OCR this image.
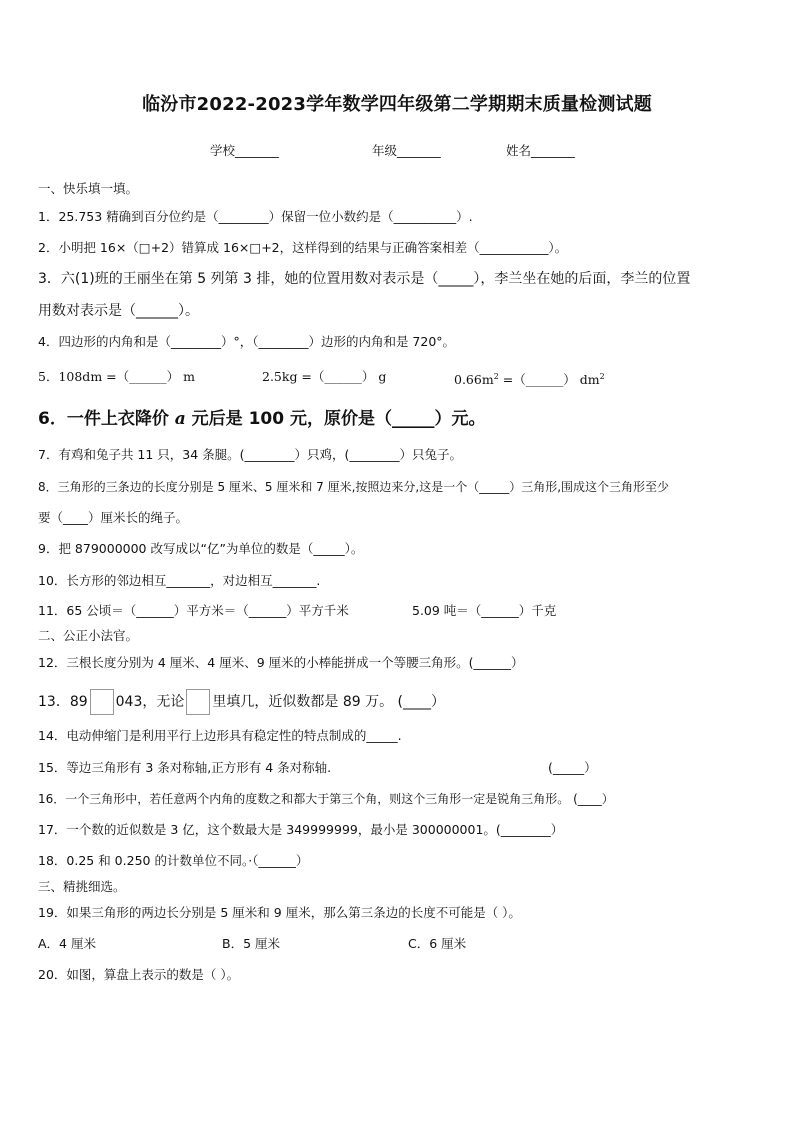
临汾市2022-2023学年数学四年级第二学期期末质量检测试题
学校_______	年级_______	姓名_______
一、快乐填一填。
1．25.753 精确到百分位约是（________）保留一位小数约是（__________）.
2．小明把 16×（□+2）错算成 16×□+2，这样得到的结果与正确答案相差（___________）。
3．六(1)班的王丽坐在第 5 列第 3 排，她的位置用数对表示是（_____），李兰坐在她的后面，李兰的位置
用数对表示是（______）。
4．四边形的内角和是（________）°，（________）边形的内角和是 720°。
5．108dm =（______） m	2.5kg =（______） g	$0.66m^2$ =（______） $dm^2$
6．一件上衣降价 a 元后是 100 元，原价是（_____）元。
7．有鸡和兔子共 11 只，34 条腿。(________）只鸡，(________）只兔子。
8．三角形的三条边的长度分别是 5 厘米、5 厘米和 7 厘米,按照边来分,这是一个（_____）三角形,围成这个三角形至少
要（____）厘米长的绳子。
9．把 879000000 改写成以“亿”为单位的数是（_____）。
10．长方形的邻边相互_______，对边相互_______.
11．65 公顷＝（______）平方米＝（______）平方千米	5.09 吨＝（______）千克
二、公正小法官。
12．三根长度分别为 4 厘米、4 厘米、9 厘米的小棒能拼成一个等腰三角形。(______）
13．89 043，无论 里填几，近似数都是 89 万。 (____）
14．电动伸缩门是利用平行上边形具有稳定性的特点制成的_____.
15．等边三角形有 3 条对称轴,正方形有 4 条对称轴.	(_____）
16．一个三角形中，若任意两个内角的度数之和都大于第三个角，则这个三角形一定是锐角三角形。 (____）
17．一个数的近似数是 3 亿，这个数最大是 349999999，最小是 300000001。(________）
18．0.25 和 0.250 的计数单位不同。·（______）
三、精挑细选。
19．如果三角形的两边长分别是 5 厘米和 9 厘米，那么第三条边的长度不可能是（ ）。
A．4 厘米	B．5 厘米	C．6 厘米
20．如图，算盘上表示的数是（ ）。
